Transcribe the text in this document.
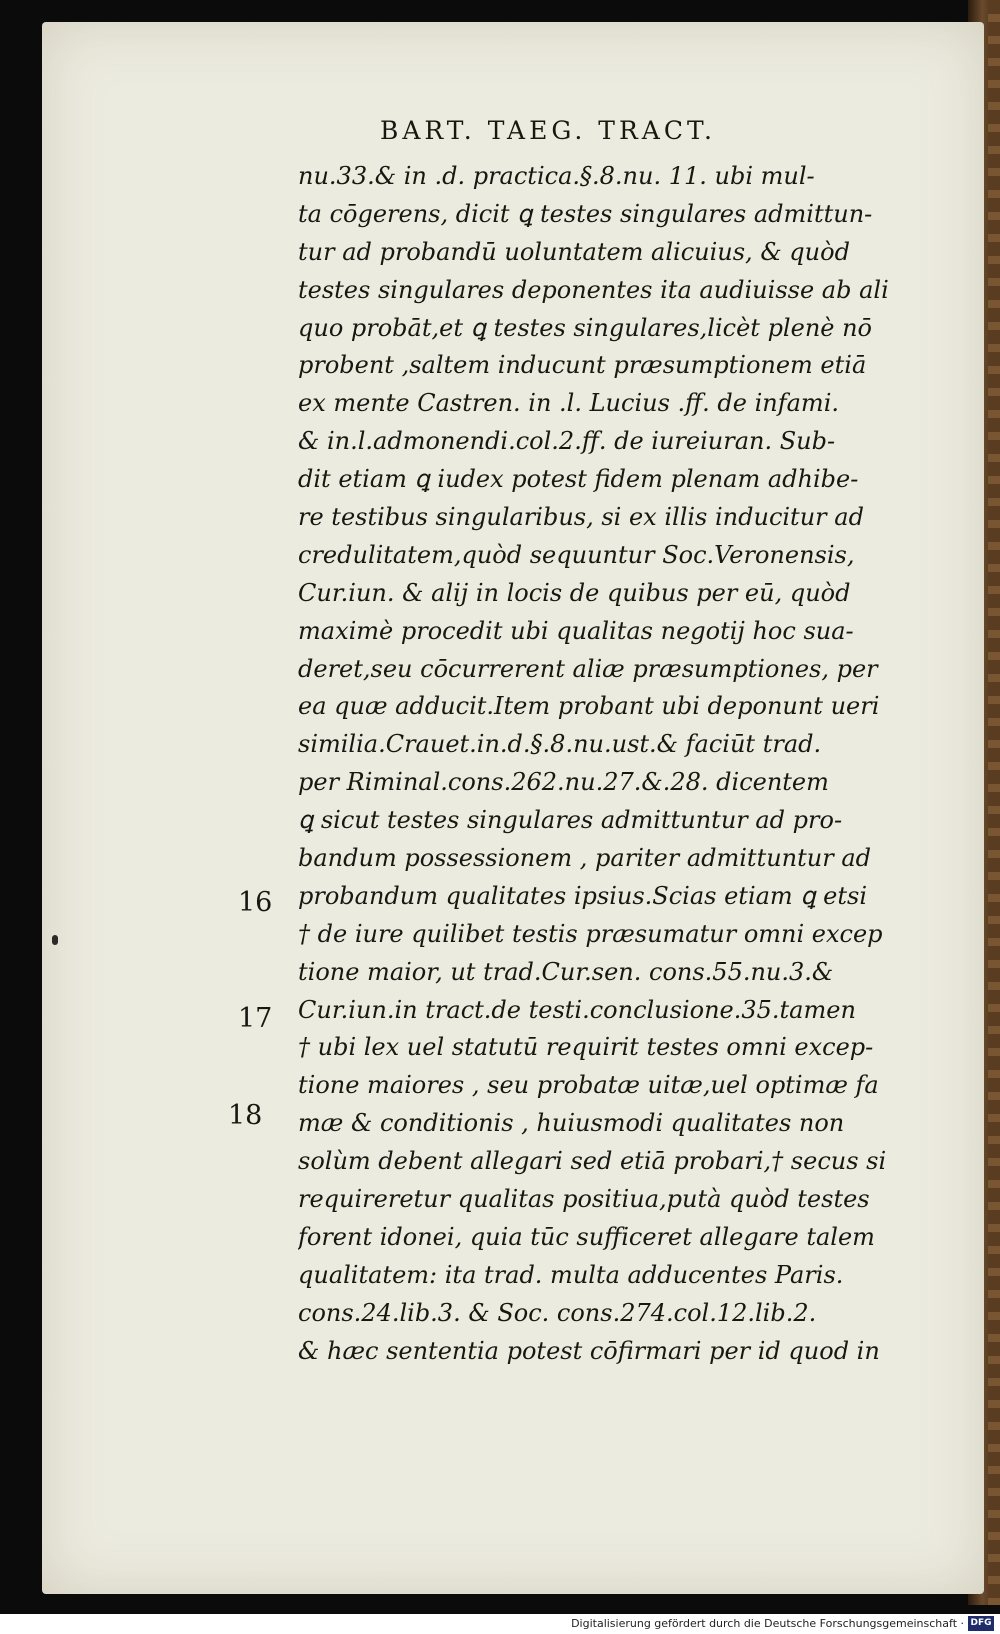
BART. TAEG. TRACT.
nu.33.& in .d. practica.§.8.nu. 11. ubi mul-
ta cōgerens, dicit ꝗ testes singulares admittun-
tur ad probandū uoluntatem alicuius, & quòd
testes singulares deponentes ita audiuisse ab ali
quo probāt,et ꝗ testes singulares,licèt plenè nō
probent ,saltem inducunt præsumptionem etiā
ex mente Castren. in .l. Lucius .ff. de infami.
& in.l.admonendi.col.2.ff. de iureiuran. Sub-
dit etiam ꝗ iudex potest fidem plenam adhibe-
re testibus singularibus, si ex illis inducitur ad
credulitatem,quòd sequuntur Soc.Veronensis,
Cur.iun. & alij in locis de quibus per eū, quòd
maximè procedit ubi qualitas negotij hoc sua-
deret,seu cōcurrerent aliæ præsumptiones, per
ea quæ adducit.Item probant ubi deponunt ueri
similia.Crauet.in.d.§.8.nu.ust.& faciūt trad.
per Riminal.cons.262.nu.27.&.28. dicentem
ꝗ sicut testes singulares admittuntur ad pro-
bandum possessionem , pariter admittuntur ad
probandum qualitates ipsius.Scias etiam ꝗ etsi
† de iure quilibet testis præsumatur omni excep
tione maior, ut trad.Cur.sen. cons.55.nu.3.&
Cur.iun.in tract.de testi.conclusione.35.tamen
† ubi lex uel statutū requirit testes omni excep-
tione maiores , seu probatæ uitæ,uel optimæ fa
mæ & conditionis , huiusmodi qualitates non
solùm debent allegari sed etiā probari,† secus si
requireretur qualitas positiua,putà quòd testes
forent idonei, quia tūc sufficeret allegare talem
qualitatem: ita trad. multa adducentes Paris.
cons.24.lib.3. & Soc. cons.274.col.12.lib.2.
& hæc sententia potest cōfirmari per id quod in
16
17
18
Digitalisierung gefördert durch die Deutsche Forschungsgemeinschaft · DFG
